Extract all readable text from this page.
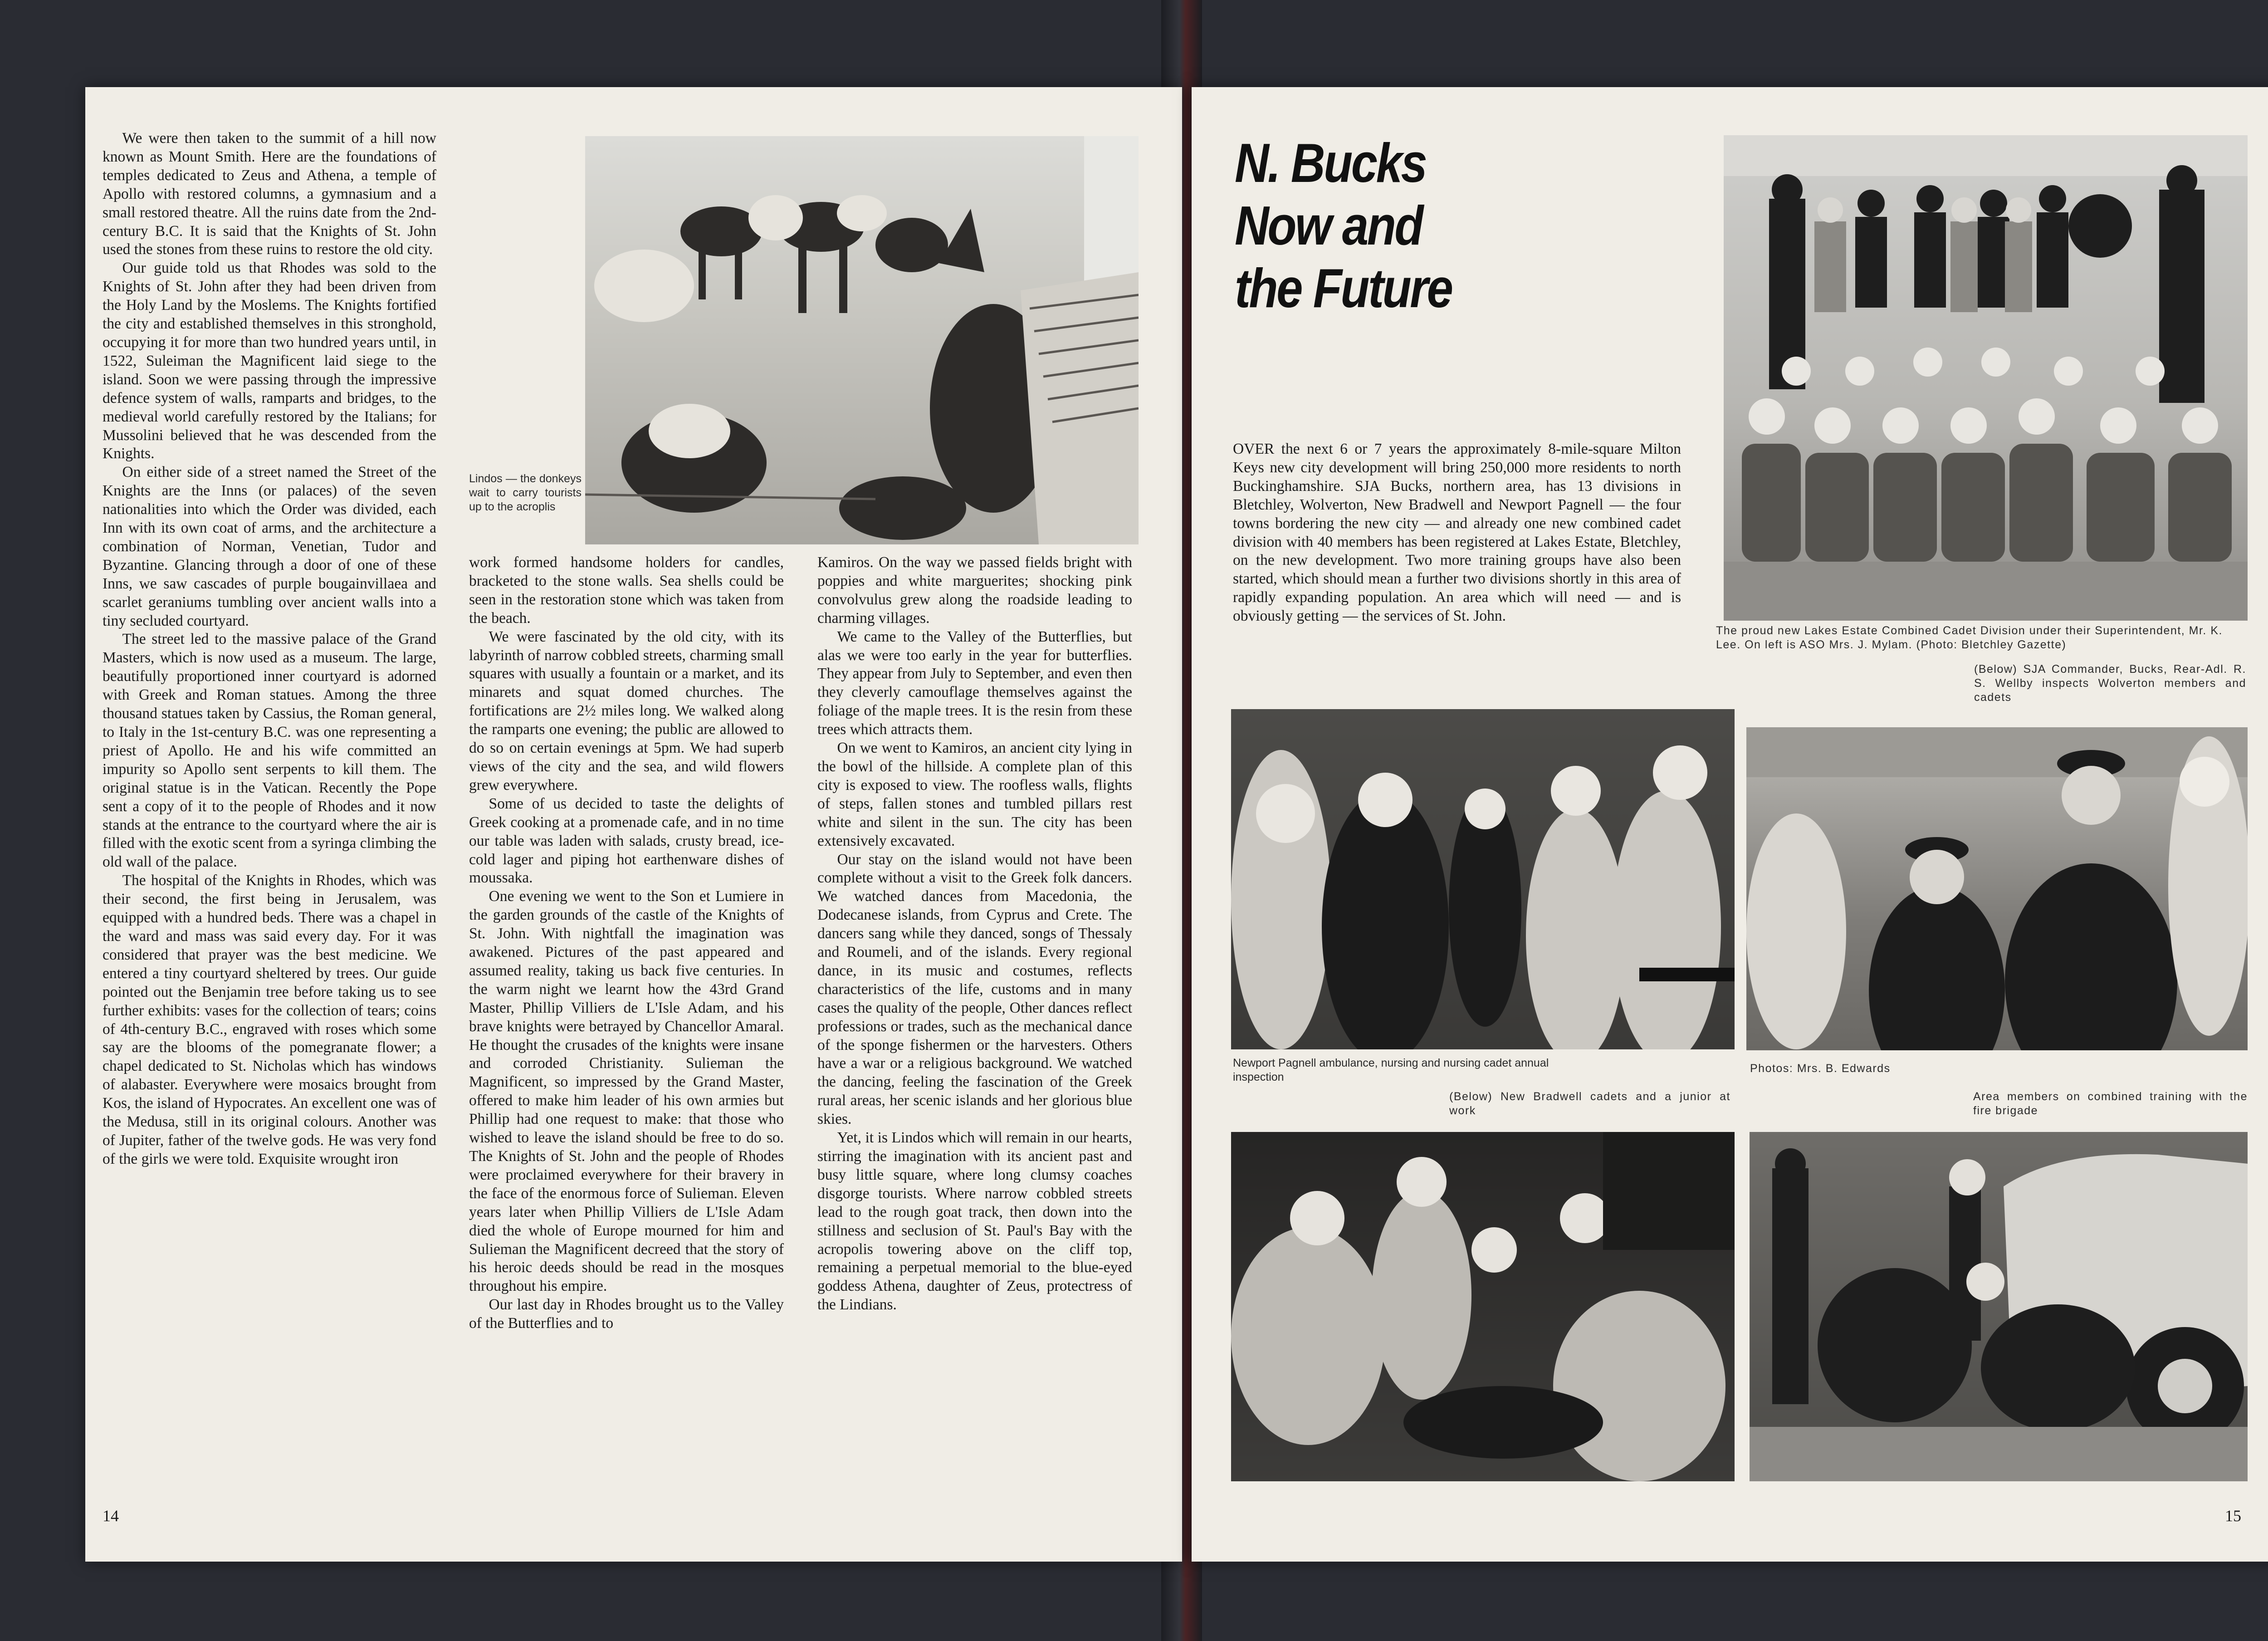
We were then taken to the summit of a hill now known as Mount Smith. Here are the foundations of temples dedicated to Zeus and Athena, a temple of Apollo with restored columns, a gymnasium and a small restored theatre. All the ruins date from the 2nd-century B.C. It is said that the Knights of St. John used the stones from these ruins to restore the old city.

Our guide told us that Rhodes was sold to the Knights of St. John after they had been driven from the Holy Land by the Moslems. The Knights fortified the city and established themselves in this stronghold, occupying it for more than two hundred years until, in 1522, Suleiman the Magnificent laid siege to the island. Soon we were passing through the impressive defence system of walls, ramparts and bridges, to the medieval world carefully restored by the Italians; for Mussolini believed that he was descended from the Knights.

On either side of a street named the Street of the Knights are the Inns (or palaces) of the seven nationalities into which the Order was divided, each Inn with its own coat of arms, and the architecture a combination of Norman, Venetian, Tudor and Byzantine. Glancing through a door of one of these Inns, we saw cascades of purple bougainvillaea and scarlet geraniums tumbling over ancient walls into a tiny secluded courtyard.

The street led to the massive palace of the Grand Masters, which is now used as a museum. The large, beautifully proportioned inner courtyard is adorned with Greek and Roman statues. Among the three thousand statues taken by Cassius, the Roman general, to Italy in the 1st-century B.C. was one representing a priest of Apollo. He and his wife committed an impurity so Apollo sent serpents to kill them. The original statue is in the Vatican. Recently the Pope sent a copy of it to the people of Rhodes and it now stands at the entrance to the courtyard where the air is filled with the exotic scent from a syringa climbing the old wall of the palace.

The hospital of the Knights in Rhodes, which was their second, the first being in Jerusalem, was equipped with a hundred beds. There was a chapel in the ward and mass was said every day. For it was considered that prayer was the best medicine. We entered a tiny courtyard sheltered by trees. Our guide pointed out the Benjamin tree before taking us to see further exhibits: vases for the collection of tears; coins of 4th-century B.C., engraved with roses which some say are the blooms of the pomegranate flower; a chapel dedicated to St. Nicholas which has windows of alabaster. Everywhere were mosaics brought from Kos, the island of Hypocrates. An excellent one was of the Medusa, still in its original colours. Another was of Jupiter, father of the twelve gods. He was very fond of the girls we were told. Exquisite wrought iron

Lindos — the donkeys wait to carry tourists up to the acroplis

work formed handsome holders for candles, bracketed to the stone walls. Sea shells could be seen in the restoration stone which was taken from the beach.

We were fascinated by the old city, with its labyrinth of narrow cobbled streets, charming small squares with usually a fountain or a market, and its minarets and squat domed churches. The fortifications are 2½ miles long. We walked along the ramparts one evening; the public are allowed to do so on certain evenings at 5pm. We had superb views of the city and the sea, and wild flowers grew everywhere.

Some of us decided to taste the delights of Greek cooking at a promenade cafe, and in no time our table was laden with salads, crusty bread, ice-cold lager and piping hot earthenware dishes of moussaka.

One evening we went to the Son et Lumiere in the garden grounds of the castle of the Knights of St. John. With nightfall the imagination was awakened. Pictures of the past appeared and assumed reality, taking us back five centuries. In the warm night we learnt how the 43rd Grand Master, Phillip Villiers de L'Isle Adam, and his brave knights were betrayed by Chancellor Amaral. He thought the crusades of the knights were insane and corroded Christianity. Sulieman the Magnificent, so impressed by the Grand Master, offered to make him leader of his own armies but Phillip had one request to make: that those who wished to leave the island should be free to do so. The Knights of St. John and the people of Rhodes were proclaimed everywhere for their bravery in the face of the enormous force of Sulieman. Eleven years later when Phillip Villiers de L'Isle Adam died the whole of Europe mourned for him and Sulieman the Magnificent decreed that the story of his heroic deeds should be read in the mosques throughout his empire.

Our last day in Rhodes brought us to the Valley of the Butterflies and to

Kamiros. On the way we passed fields bright with poppies and white marguerites; shocking pink convolvulus grew along the roadside leading to charming villages.

We came to the Valley of the Butterflies, but alas we were too early in the year for butterflies. They appear from July to September, and even then they cleverly camouflage themselves against the foliage of the maple trees. It is the resin from these trees which attracts them.

On we went to Kamiros, an ancient city lying in the bowl of the hillside. A complete plan of this city is exposed to view. The roofless walls, flights of steps, fallen stones and tumbled pillars rest white and silent in the sun. The city has been extensively excavated.

Our stay on the island would not have been complete without a visit to the Greek folk dancers. We watched dances from Macedonia, the Dodecanese islands, from Cyprus and Crete. The dancers sang while they danced, songs of Thessaly and Roumeli, and of the islands. Every regional dance, in its music and costumes, reflects characteristics of the life, customs and in many cases the quality of the people, Other dances reflect professions or trades, such as the mechanical dance of the sponge fishermen or the harvesters. Others have a war or a religious background. We watched the dancing, feeling the fascination of the Greek rural areas, her scenic islands and her glorious blue skies.

Yet, it is Lindos which will remain in our hearts, stirring the imagination with its ancient past and busy little square, where long clumsy coaches disgorge tourists. Where narrow cobbled streets lead to the rough goat track, then down into the stillness and seclusion of St. Paul's Bay with the acropolis towering above on the cliff top, remaining a perpetual memorial to the blue-eyed goddess Athena, daughter of Zeus, protectress of the Lindians.

14
N. Bucks
Now and
the Future

OVER the next 6 or 7 years the approximately 8-mile-square Milton Keys new city development will bring 250,000 more residents to north Buckinghamshire. SJA Bucks, northern area, has 13 divisions in Bletchley, Wolverton, New Bradwell and Newport Pagnell — the four towns bordering the new city — and already one new combined cadet division with 40 members has been registered at Lakes Estate, Bletchley, on the new development. Two more training groups have also been started, which should mean a further two divisions shortly in this area of rapidly expanding population. An area which will need — and is obviously getting — the services of St. John.

The proud new Lakes Estate Combined Cadet Division under their Superintendent, Mr. K. Lee. On left is ASO Mrs. J. Mylam. (Photo: Bletchley Gazette)
(Below) SJA Commander, Bucks, Rear-Adl. R. S. Wellby inspects Wolverton members and cadets
Newport Pagnell ambulance, nursing and nursing cadet annual inspection
(Below) New Bradwell cadets and a junior at work
Photos: Mrs. B. Edwards
Area members on combined training with the fire brigade
15
